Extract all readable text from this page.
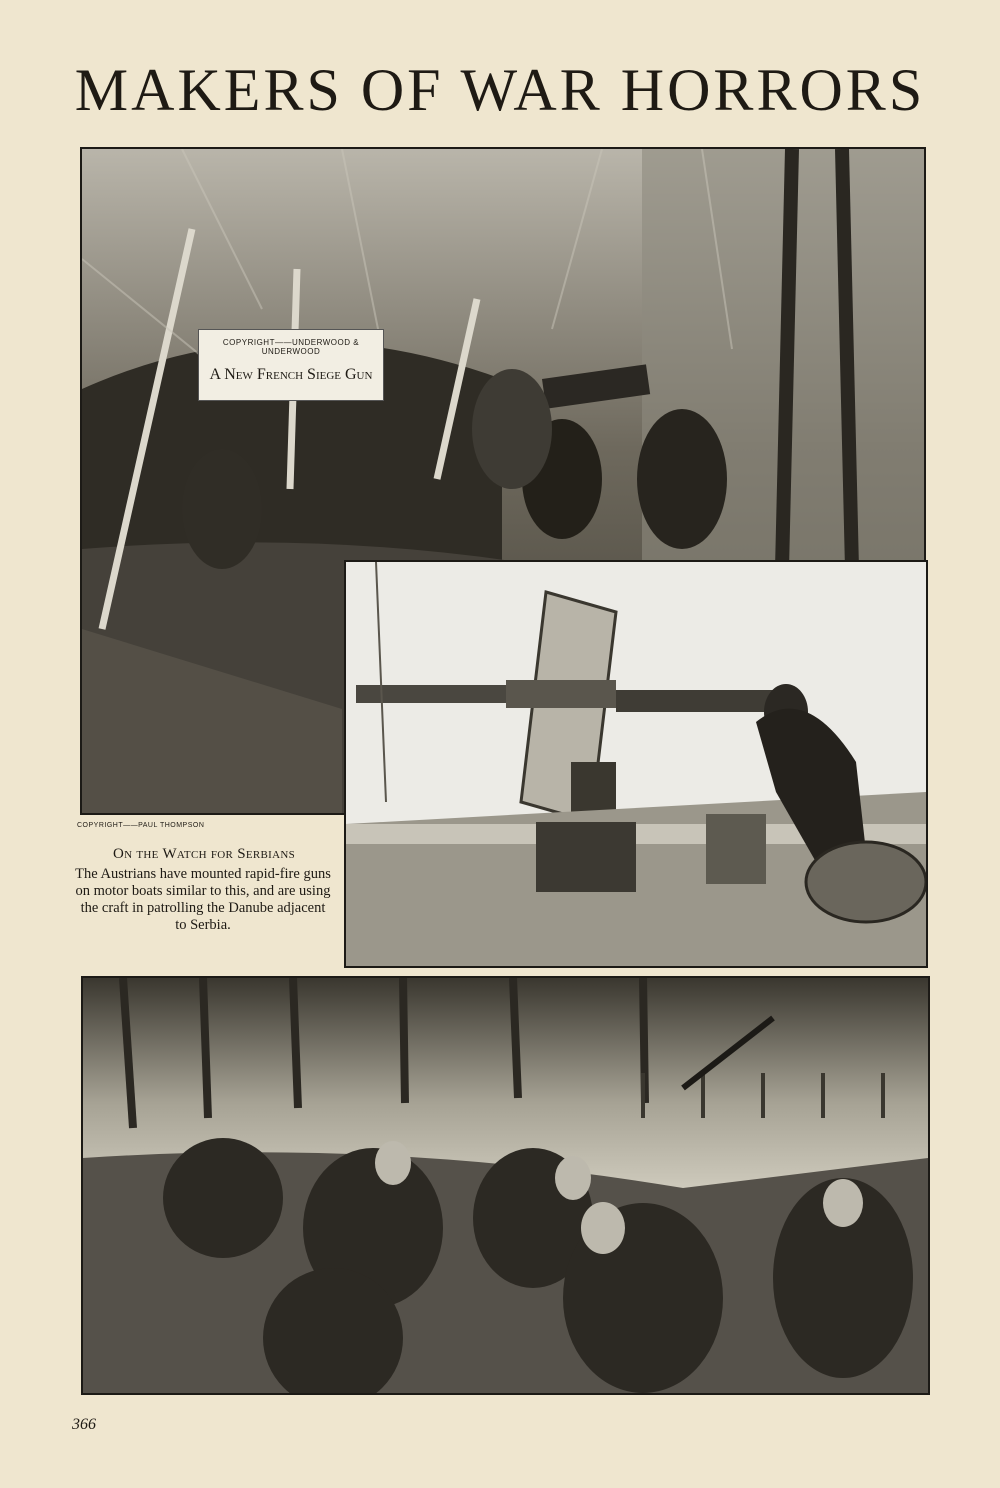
MAKERS OF WAR HORRORS
COPYRIGHT——UNDERWOOD & UNDERWOOD
A New French Siege Gun
COPYRIGHT——PAUL THOMPSON
On the Watch for Serbians
The Austrians have mounted rapid-fire guns on motor boats similar to this, and are using the craft in patrolling the Danube adjacent to Serbia.
366
